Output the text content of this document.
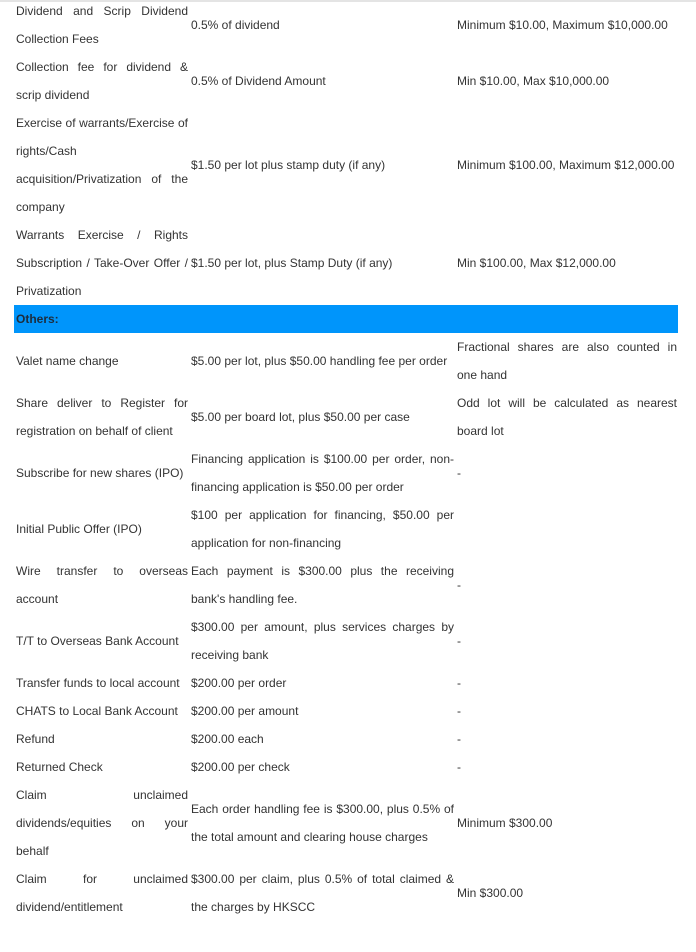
Dividend and Scrip Dividend Collection Fees	0.5% of dividend	Minimum $10.00, Maximum $10,000.00
Collection fee for dividend & scrip dividend	0.5% of Dividend Amount	Min $10.00, Max $10,000.00
Exercise of warrants/Exercise of rights/Cash acquisition/Privatization of the company	$1.50 per lot plus stamp duty (if any)	Minimum $100.00, Maximum $12,000.00
Warrants Exercise / Rights Subscription / Take-Over Offer / Privatization	$1.50 per lot, plus Stamp Duty (if any)	Min $100.00, Max $12,000.00
Others:		
Valet name change	$5.00 per lot, plus $50.00 handling fee per order	Fractional shares are also counted in one hand
Share deliver to Register for registration on behalf of client	$5.00 per board lot, plus $50.00 per case	Odd lot will be calculated as nearest board lot
Subscribe for new shares (IPO)	Financing application is $100.00 per order, non-financing application is $50.00 per order	-
Initial Public Offer (IPO)	$100 per application for financing, $50.00 per application for non-financing	
Wire transfer to overseas account	Each payment is $300.00 plus the receiving bank's handling fee.	-
T/T to Overseas Bank Account	$300.00 per amount, plus services charges by receiving bank	-
Transfer funds to local account	$200.00 per order	-
CHATS to Local Bank Account	$200.00 per amount	-
Refund	$200.00 each	-
Returned Check	$200.00 per check	-
Claim unclaimed dividends/equities on your behalf	Each order handling fee is $300.00, plus 0.5% of the total amount and clearing house charges	Minimum $300.00
Claim for unclaimed dividend/entitlement	$300.00 per claim, plus 0.5% of total claimed & the charges by HKSCC	Min $300.00
